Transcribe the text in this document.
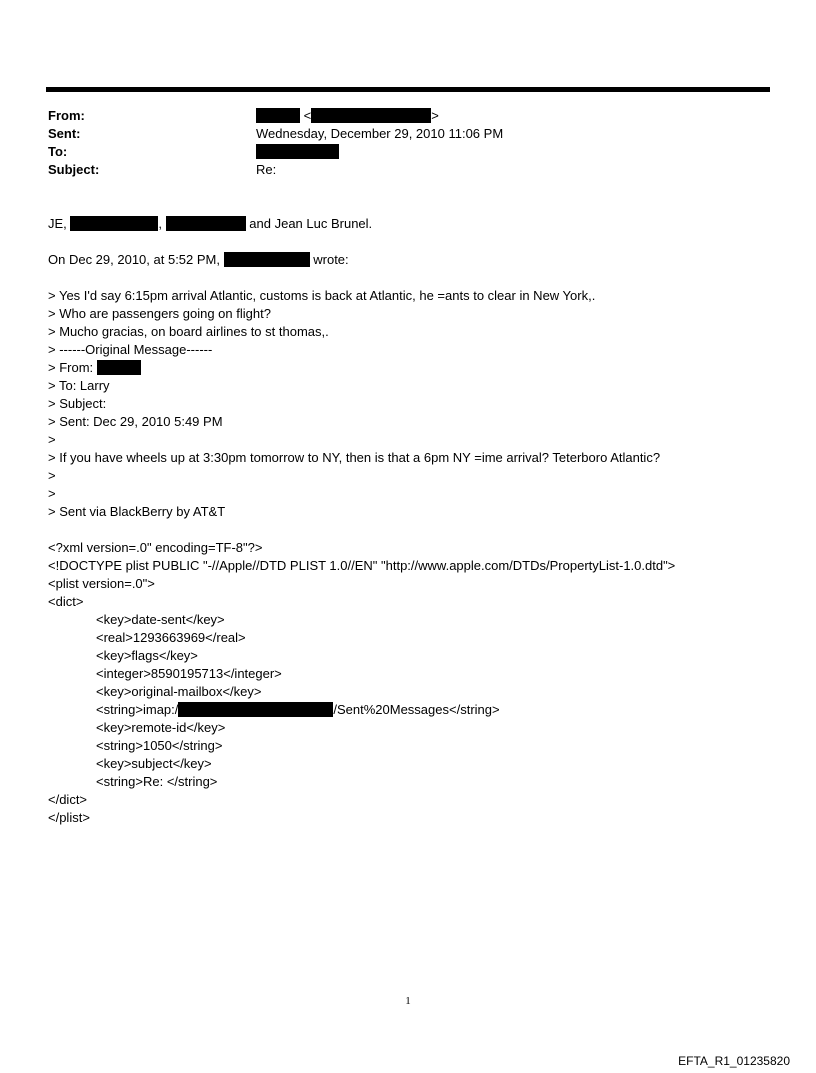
From:	<	>
Sent:	Wednesday, December 29, 2010 11:06 PM
To:
Subject:	Re:
JE,	,	and Jean Luc Brunel.
On Dec 29, 2010, at 5:52 PM,	wrote:
> Yes I'd say 6:15pm arrival Atlantic, customs is back at Atlantic, he =ants to clear in New York,.
> Who are passengers going on flight?
> Mucho gracias, on board airlines to st thomas,.
> ------Original Message------
> From:
> To: Larry
> Subject:
> Sent: Dec 29, 2010 5:49 PM
>
> If you have wheels up at 3:30pm tomorrow to NY, then is that a 6pm NY =ime arrival? Teterboro Atlantic?
>
>
> Sent via BlackBerry by AT&T
<?xml version=.0" encoding=TF-8"?>
<!DOCTYPE plist PUBLIC "-//Apple//DTD PLIST 1.0//EN" "http://www.apple.com/DTDs/PropertyList-1.0.dtd">
<plist version=.0">
<dict>
<key>date-sent</key>
<real>1293663969</real>
<key>flags</key>
<integer>8590195713</integer>
<key>original-mailbox</key>
<string>imap:/	/Sent%20Messages</string>
<key>remote-id</key>
<string>1050</string>
<key>subject</key>
<string>Re: </string>
</dict>
</plist>
1
EFTA_R1_01235820
